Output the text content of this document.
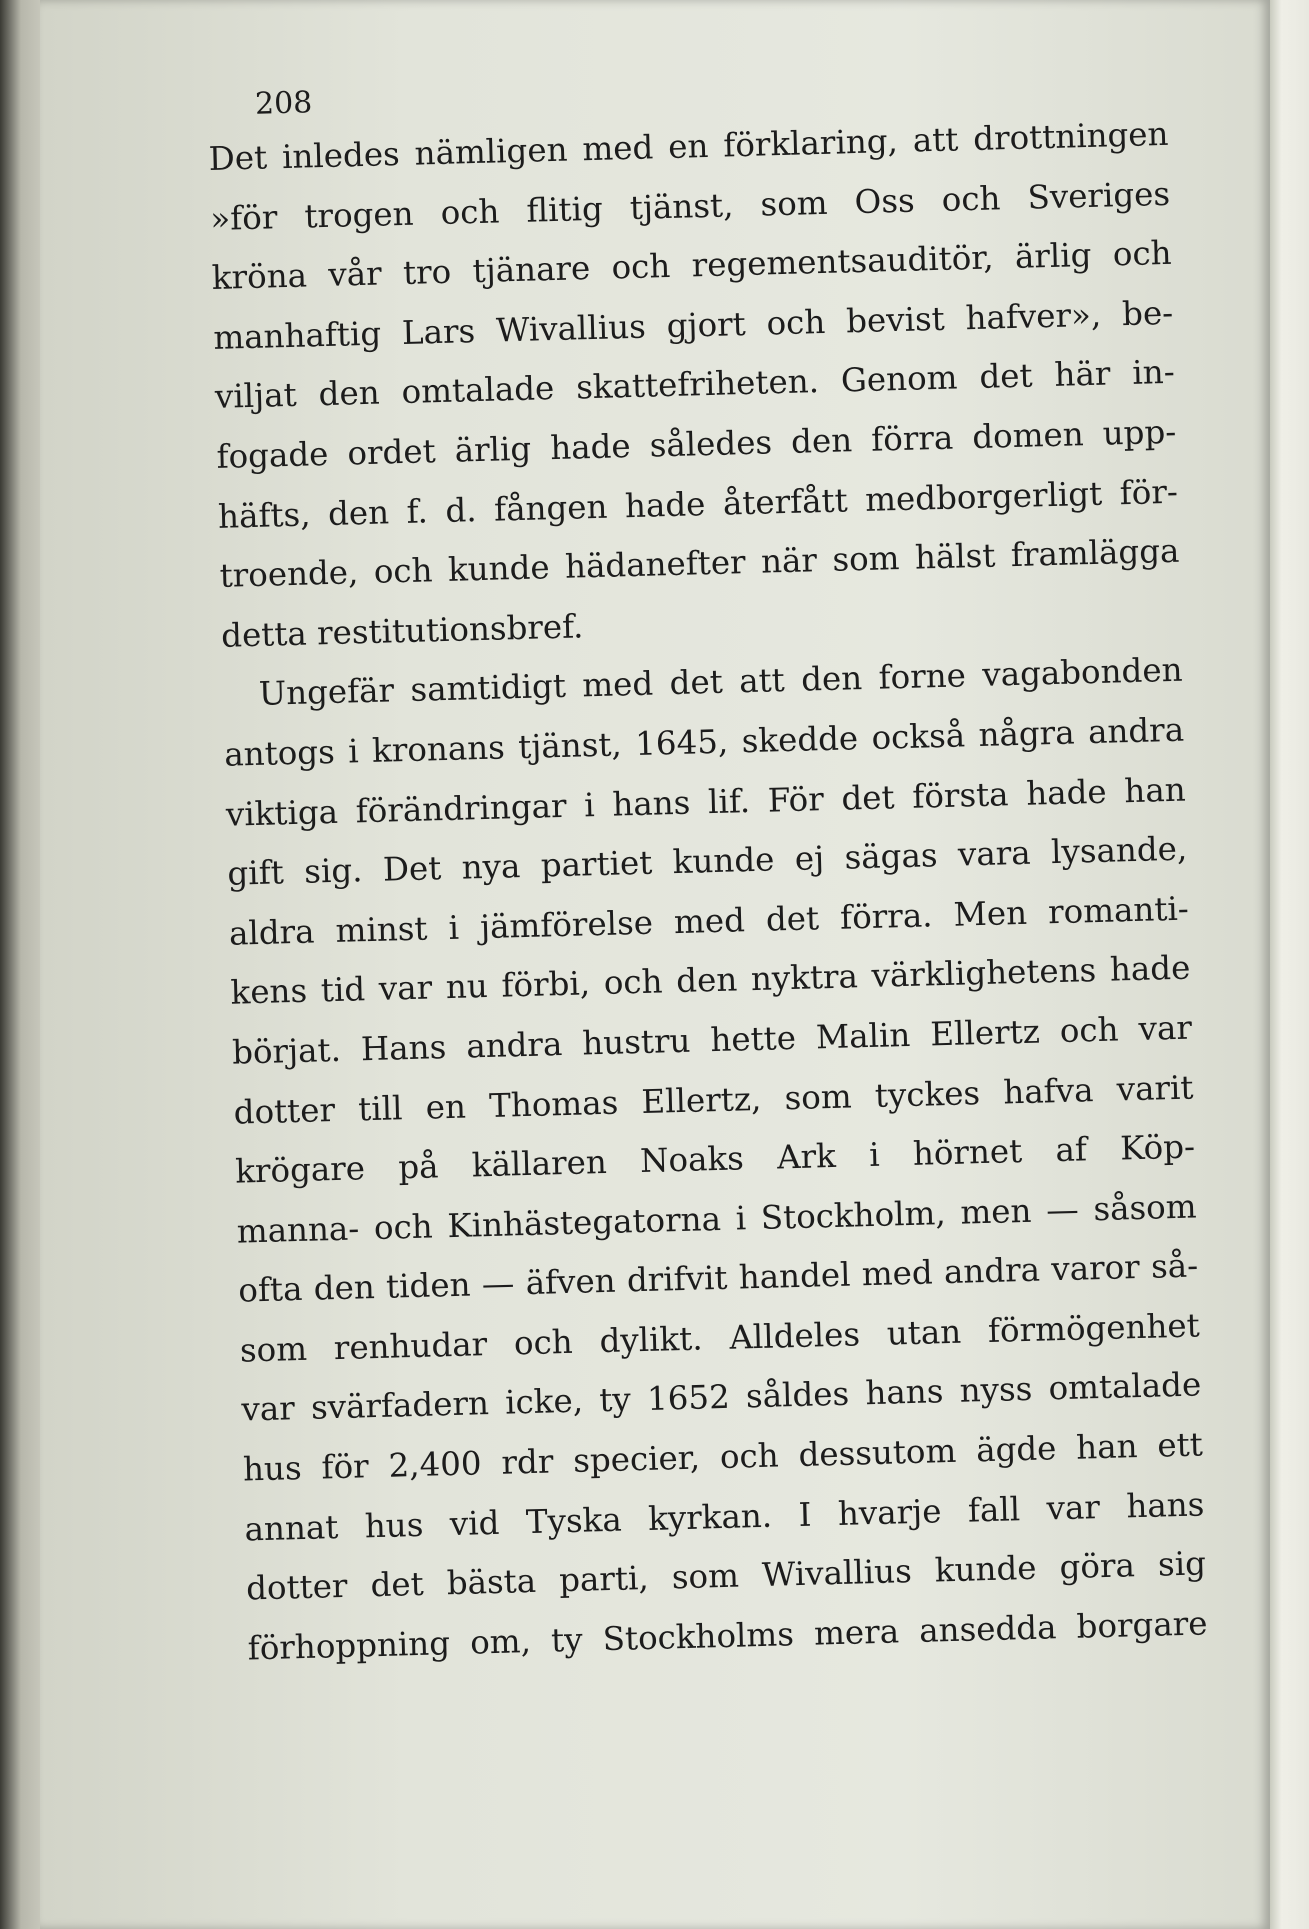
208
Det inledes nämligen med en förklaring, att drottningen
»för trogen och flitig tjänst, som Oss och Sveriges
kröna vår tro tjänare och regementsauditör, ärlig och
manhaftig Lars Wivallius gjort och bevist hafver», be-
viljat den omtalade skattefriheten. Genom det här in-
fogade ordet ärlig hade således den förra domen upp-
häfts, den f. d. fången hade återfått medborgerligt för-
troende, och kunde hädanefter när som hälst framlägga
detta restitutionsbref.
Ungefär samtidigt med det att den forne vagabonden
antogs i kronans tjänst, 1645, skedde också några andra
viktiga förändringar i hans lif. För det första hade han
gift sig. Det nya partiet kunde ej sägas vara lysande,
aldra minst i jämförelse med det förra. Men romanti-
kens tid var nu förbi, och den nyktra värklighetens hade
börjat. Hans andra hustru hette Malin Ellertz och var
dotter till en Thomas Ellertz, som tyckes hafva varit
krögare på källaren Noaks Ark i hörnet af Köp-
manna- och Kinhästegatorna i Stockholm, men — såsom
ofta den tiden — äfven drifvit handel med andra varor så-
som renhudar och dylikt. Alldeles utan förmögenhet
var svärfadern icke, ty 1652 såldes hans nyss omtalade
hus för 2,400 rdr specier, och dessutom ägde han ett
annat hus vid Tyska kyrkan. I hvarje fall var hans
dotter det bästa parti, som Wivallius kunde göra sig
förhoppning om, ty Stockholms mera ansedda borgare
